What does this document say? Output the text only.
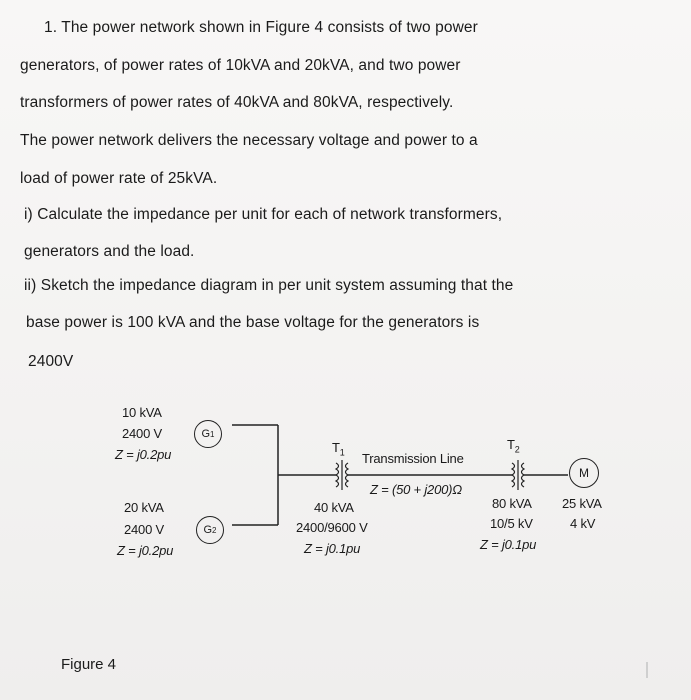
1. The power network shown in Figure 4 consists of two power
generators, of power rates of 10kVA and 20kVA, and two power
transformers of power rates of 40kVA and 80kVA, respectively.
The power network delivers the necessary voltage and power to a
load of power rate of 25kVA.
i) Calculate the impedance per unit for each of network transformers,
generators and the load.
ii) Sketch the impedance diagram in per unit system assuming that the
base power is 100 kVA and the base voltage for the generators is
2400V
10 kVA
2400 V
Z = j0.2pu
G 1
20 kVA
2400 V
Z = j0.2pu
G 2
$T_1$
40 kVA
2400/9600 V
Z = j0.1pu
Transmission Line
Z = (50 + j200)Ω
$T_2$
80 kVA
10/5 kV
Z = j0.1pu
M
25 kVA
4 kV
Figure 4
